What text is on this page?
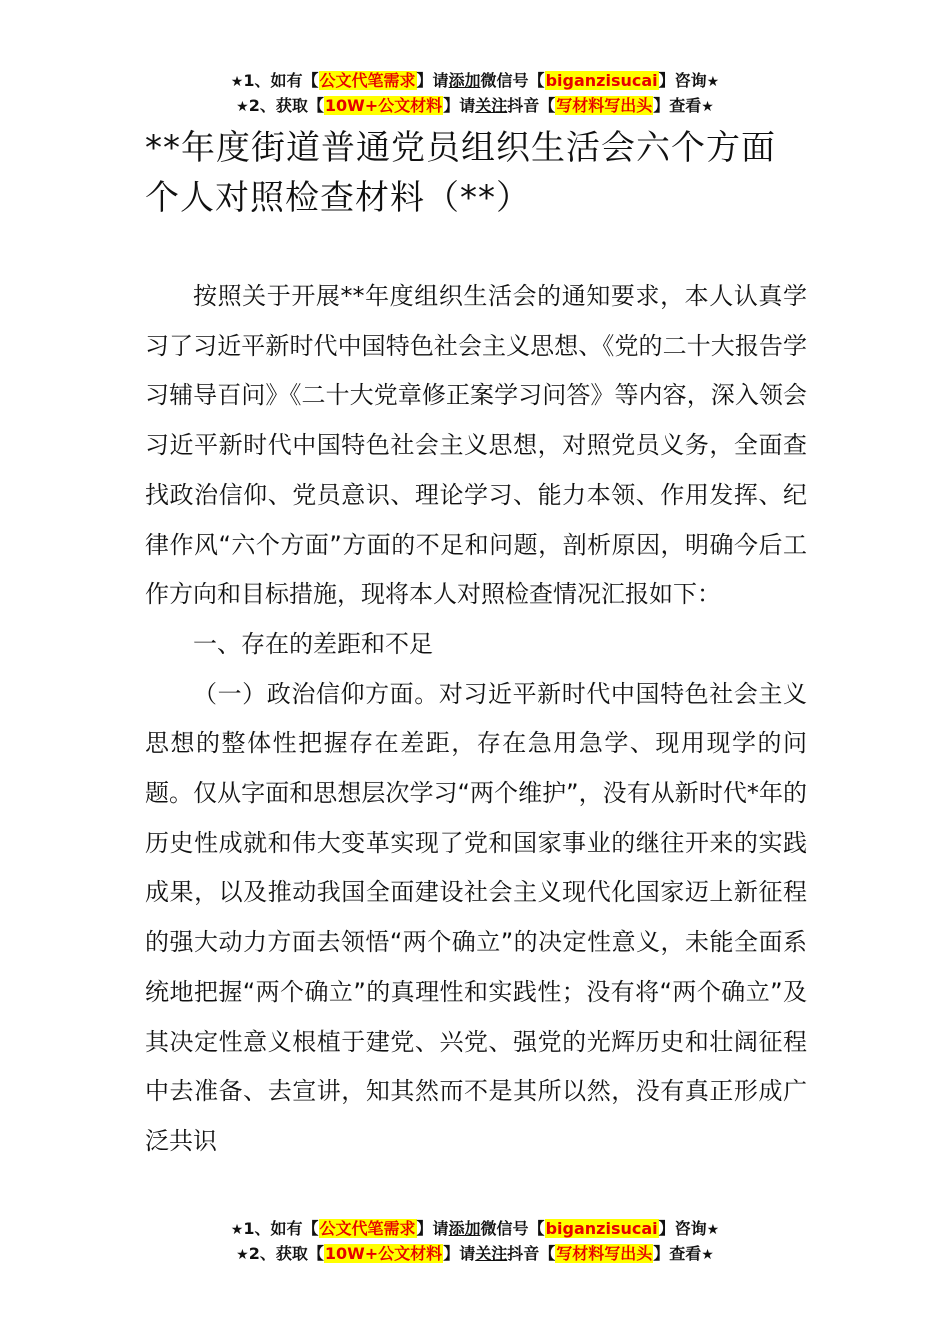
★1、如有【公文代笔需求】请添加微信号【biganzisucai】咨询★
★2、获取【10W+公文材料】请关注抖音【写材料写出头】查看★
**年度街道普通党员组织生活会六个方面
个人对照检查材料（**）

按照关于开展**年度组织生活会的通知要求，本人认真学习了习近平新时代中国特色社会主义思想、《党的二十大报告学习辅导百问》《二十大党章修正案学习问答》等内容，深入领会习近平新时代中国特色社会主义思想，对照党员义务，全面查找政治信仰、党员意识、理论学习、能力本领、作用发挥、纪律作风“六个方面”方面的不足和问题，剖析原因，明确今后工作方向和目标措施，现将本人对照检查情况汇报如下：

一、存在的差距和不足

（一）政治信仰方面。对习近平新时代中国特色社会主义思想的整体性把握存在差距，存在急用急学、现用现学的问题。仅从字面和思想层次学习“两个维护”，没有从新时代*年的历史性成就和伟大变革实现了党和国家事业的继往开来的实践成果，以及推动我国全面建设社会主义现代化国家迈上新征程的强大动力方面去领悟“两个确立”的决定性意义，未能全面系统地把握“两个确立”的真理性和实践性；没有将“两个确立”及其决定性意义根植于建党、兴党、强党的光辉历史和壮阔征程中去准备、去宣讲，知其然而不是其所以然，没有真正形成广泛共识

★1、如有【公文代笔需求】请添加微信号【biganzisucai】咨询★
★2、获取【10W+公文材料】请关注抖音【写材料写出头】查看★
